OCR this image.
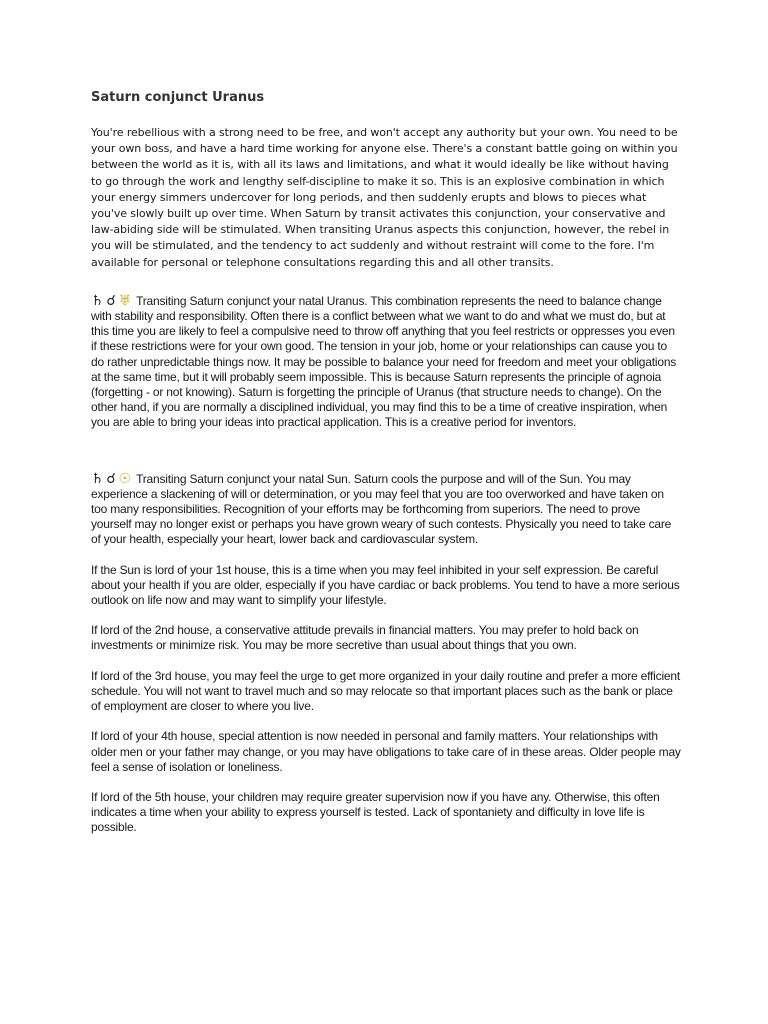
Saturn conjunct Uranus

You're rebellious with a strong need to be free, and won't accept any authority but your own. You need to be your own boss, and have a hard time working for anyone else. There's a constant battle going on within you between the world as it is, with all its laws and limitations, and what it would ideally be like without having to go through the work and lengthy self-discipline to make it so. This is an explosive combination in which your energy simmers undercover for long periods, and then suddenly erupts and blows to pieces what you've slowly built up over time. When Saturn by transit activates this conjunction, your conservative and law-abiding side will be stimulated. When transiting Uranus aspects this conjunction, however, the rebel in you will be stimulated, and the tendency to act suddenly and without restraint will come to the fore. I'm available for personal or telephone consultations regarding this and all other transits.

♄ ☌ ♅ Transiting Saturn conjunct your natal Uranus. This combination represents the need to balance change with stability and responsibility. Often there is a conflict between what we want to do and what we must do, but at this time you are likely to feel a compulsive need to throw off anything that you feel restricts or oppresses you even if these restrictions were for your own good. The tension in your job, home or your relationships can cause you to do rather unpredictable things now. It may be possible to balance your need for freedom and meet your obligations at the same time, but it will probably seem impossible. This is because Saturn represents the principle of agnoia (forgetting - or not knowing). Saturn is forgetting the principle of Uranus (that structure needs to change). On the other hand, if you are normally a disciplined individual, you may find this to be a time of creative inspiration, when you are able to bring your ideas into practical application. This is a creative period for inventors.

♄ ☌ ☉ Transiting Saturn conjunct your natal Sun. Saturn cools the purpose and will of the Sun. You may experience a slackening of will or determination, or you may feel that you are too overworked and have taken on too many responsibilities. Recognition of your efforts may be forthcoming from superiors. The need to prove yourself may no longer exist or perhaps you have grown weary of such contests. Physically you need to take care of your health, especially your heart, lower back and cardiovascular system.

If the Sun is lord of your 1st house, this is a time when you may feel inhibited in your self expression. Be careful about your health if you are older, especially if you have cardiac or back problems. You tend to have a more serious outlook on life now and may want to simplify your lifestyle.

If lord of the 2nd house, a conservative attitude prevails in financial matters. You may prefer to hold back on investments or minimize risk. You may be more secretive than usual about things that you own.

If lord of the 3rd house, you may feel the urge to get more organized in your daily routine and prefer a more efficient schedule. You will not want to travel much and so may relocate so that important places such as the bank or place of employment are closer to where you live.

If lord of your 4th house, special attention is now needed in personal and family matters. Your relationships with older men or your father may change, or you may have obligations to take care of in these areas. Older people may feel a sense of isolation or loneliness.

If lord of the 5th house, your children may require greater supervision now if you have any. Otherwise, this often indicates a time when your ability to express yourself is tested. Lack of spontaniety and difficulty in love life is possible.
